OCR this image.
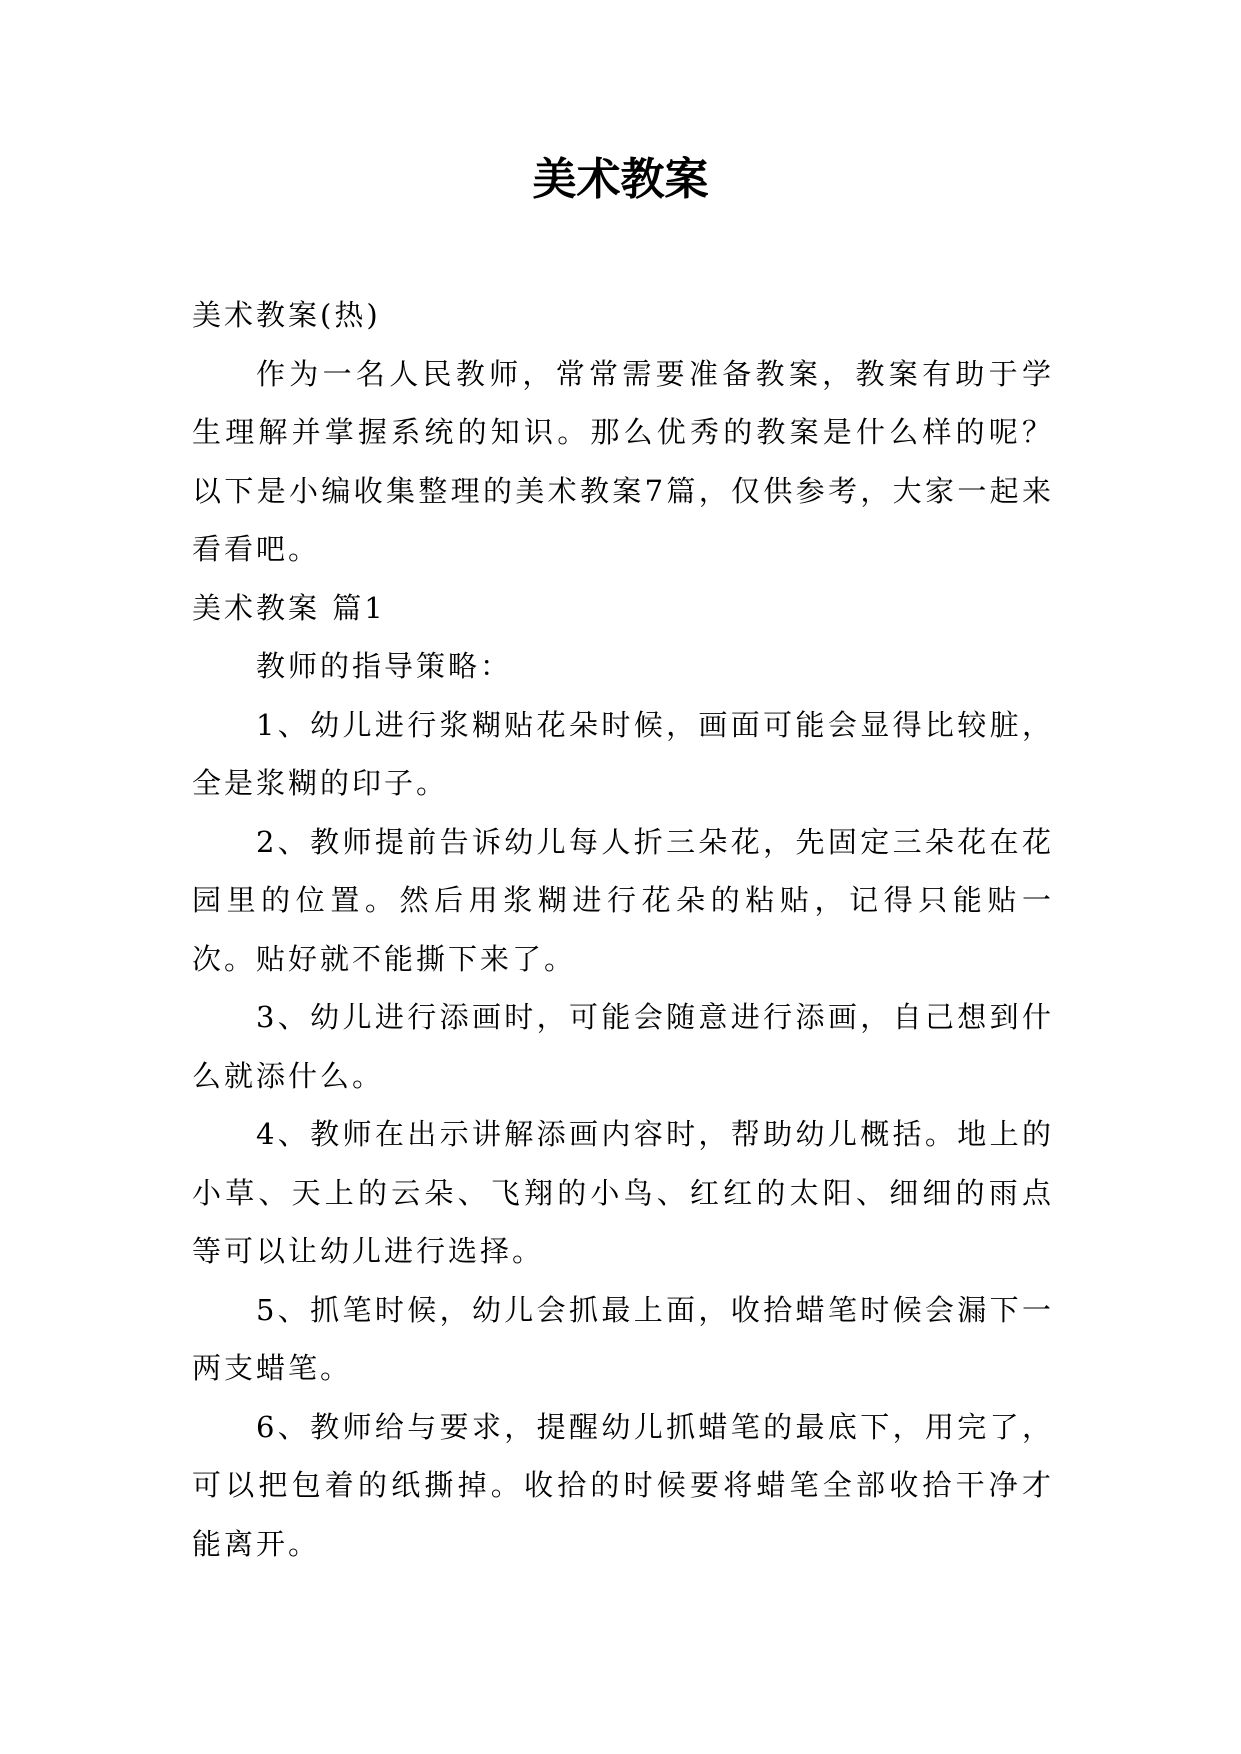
美术教案

美术教案(热)

作为一名人民教师，常常需要准备教案，教案有助于学生理解并掌握系统的知识。那么优秀的教案是什么样的呢？以下是小编收集整理的美术教案7篇，仅供参考，大家一起来看看吧。

美术教案 篇1

教师的指导策略：

1、幼儿进行浆糊贴花朵时候，画面可能会显得比较脏，全是浆糊的印子。

2、教师提前告诉幼儿每人折三朵花，先固定三朵花在花园里的位置。然后用浆糊进行花朵的粘贴，记得只能贴一次。贴好就不能撕下来了。

3、幼儿进行添画时，可能会随意进行添画，自己想到什么就添什么。

4、教师在出示讲解添画内容时，帮助幼儿概括。地上的小草、天上的云朵、飞翔的小鸟、红红的太阳、细细的雨点等可以让幼儿进行选择。

5、抓笔时候，幼儿会抓最上面，收拾蜡笔时候会漏下一两支蜡笔。

6、教师给与要求，提醒幼儿抓蜡笔的最底下，用完了，可以把包着的纸撕掉。收拾的时候要将蜡笔全部收拾干净才能离开。
